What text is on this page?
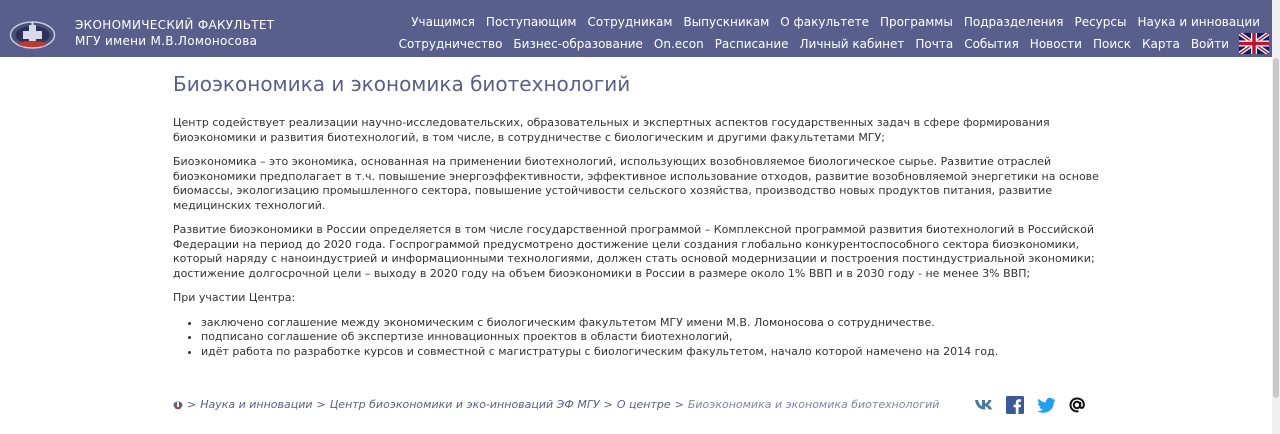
ЭКОНОМИЧЕСКИЙ ФАКУЛЬТЕТ
МГУ имени М.В.Ломоносова
Учащимся Поступающим Сотрудникам Выпускникам О факультете Программы Подразделения Ресурсы Наука и инновации
Сотрудничество Бизнес-образование On.econ Расписание Личный кабинет Почта События Новости Поиск Карта Войти
Биоэкономика и экономика биотехнологий

Центр содействует реализации научно-исследовательских, образовательных и экспертных аспектов государственных задач в сфере формирования биоэкономики и развития биотехнологий, в том числе, в сотрудничестве с биологическим и другими факультетами МГУ;

Биоэкономика – это экономика, основанная на применении биотехнологий, использующих возобновляемое биологическое сырье. Развитие отраслей биоэкономики предполагает в т.ч. повышение энергоэффективности, эффективное использование отходов, развитие возобновляемой энергетики на основе биомассы, экологизацию промышленного сектора, повышение устойчивости сельского хозяйства, производство новых продуктов питания, развитие медицинских технологий.

Развитие биоэкономики в России определяется в том числе государственной программой – Комплексной программой развития биотехнологий в Российской Федерации на период до 2020 года. Госпрограммой предусмотрено достижение цели создания глобально конкурентоспособного сектора биоэкономики, который наряду с наноиндустрией и информационными технологиями, должен стать основой модернизации и построения постиндустриальной экономики; достижение долгосрочной цели – выходу в 2020 году на объем биоэкономики в России в размере около 1% ВВП и в 2030 году - не менее 3% ВВП;

При участии Центра:

• заключено соглашение между экономическим с биологическим факультетом МГУ имени М.В. Ломоносова о сотрудничестве.
• подписано соглашение об экспертизе инновационных проектов в области биотехнологий,
• идёт работа по разработке курсов и совместной с магистратуры с биологическим факультетом, начало которой намечено на 2014 год.
> Наука и инновации > Центр биоэкономики и эко-инноваций ЭФ МГУ > О центре > Биоэкономика и экономика биотехнологий
